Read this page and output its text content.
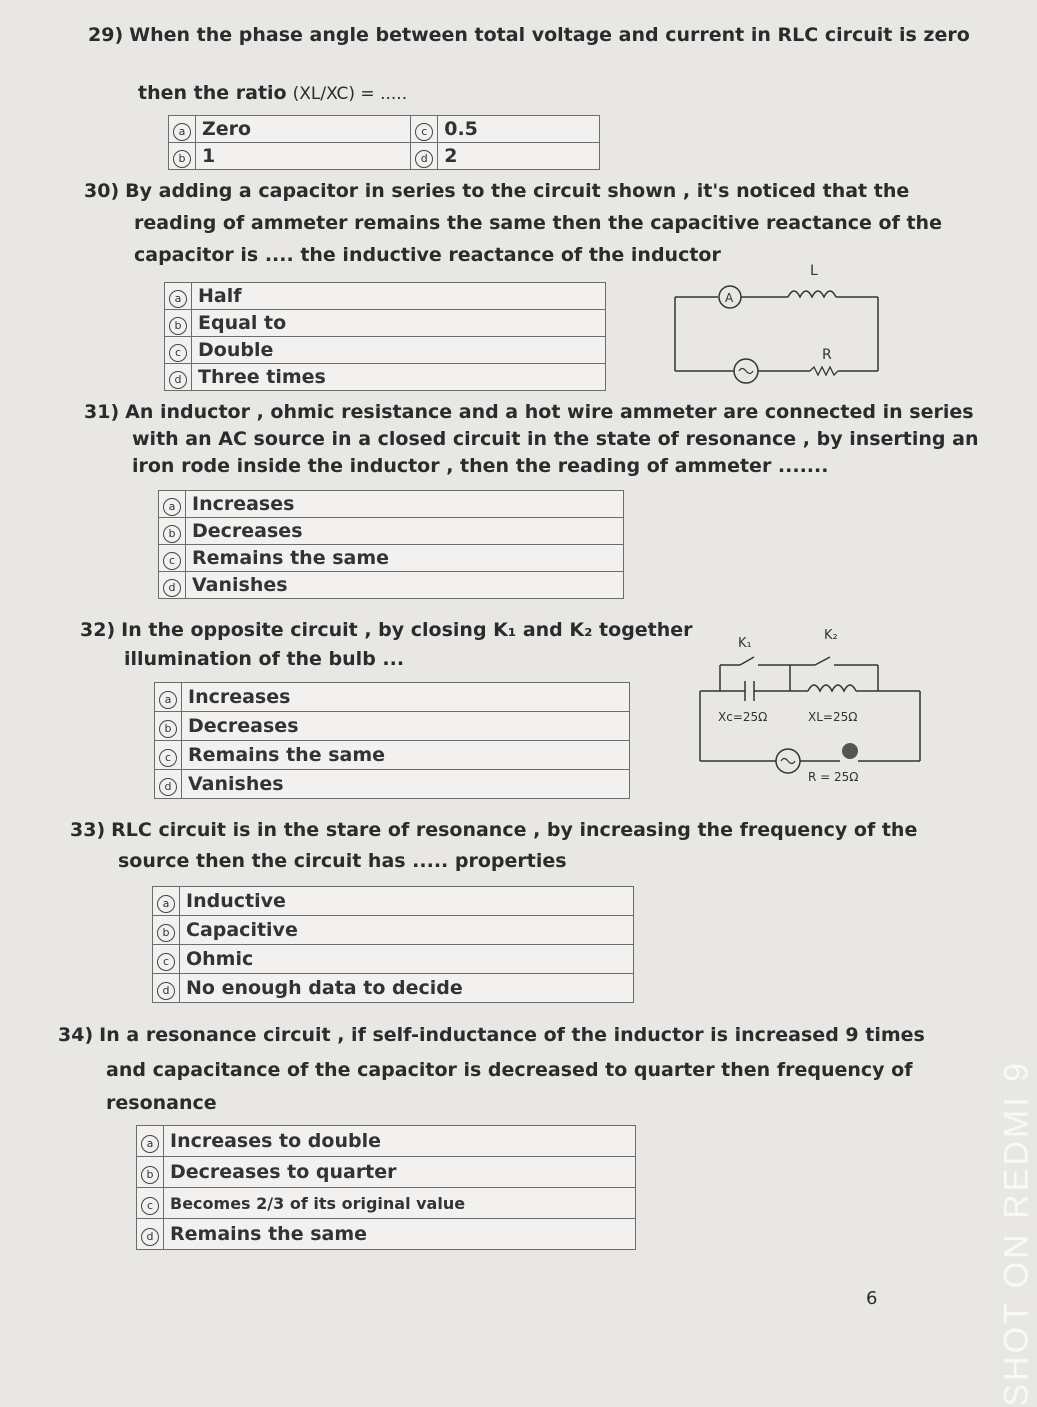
29) When the phase angle between total voltage and current in RLC circuit is zero
then the ratio (XL/XC) = .....
a	Zero	c	0.5
b	1	d	2
30) By adding a capacitor in series to the circuit shown , it's noticed that the
reading of ammeter remains the same then the capacitive reactance of the
capacitor is .... the inductive reactance of the inductor
a	Half
b	Equal to
c	Double
d	Three times
L
A
R
31) An inductor , ohmic resistance and a hot wire ammeter are connected in series
with an AC source in a closed circuit in the state of resonance , by inserting an
iron rode inside the inductor , then the reading of ammeter .......
a	Increases
b	Decreases
c	Remains the same
d	Vanishes
32) In the opposite circuit , by closing K₁ and K₂ together
illumination of the bulb ...
a	Increases
b	Decreases
c	Remains the same
d	Vanishes
K₁
K₂
Xc=25Ω	XL=25Ω
R = 25Ω
33) RLC circuit is in the stare of resonance , by increasing the frequency of the
source then the circuit has ..... properties
a	Inductive
b	Capacitive
c	Ohmic
d	No enough data to decide
34) In a resonance circuit , if self-inductance of the inductor is increased 9 times
and capacitance of the capacitor is decreased to quarter then frequency of
resonance
a	Increases to double
b	Decreases to quarter
c	Becomes 2/3 of its original value
d	Remains the same
6	SHOT ON REDMI 9
